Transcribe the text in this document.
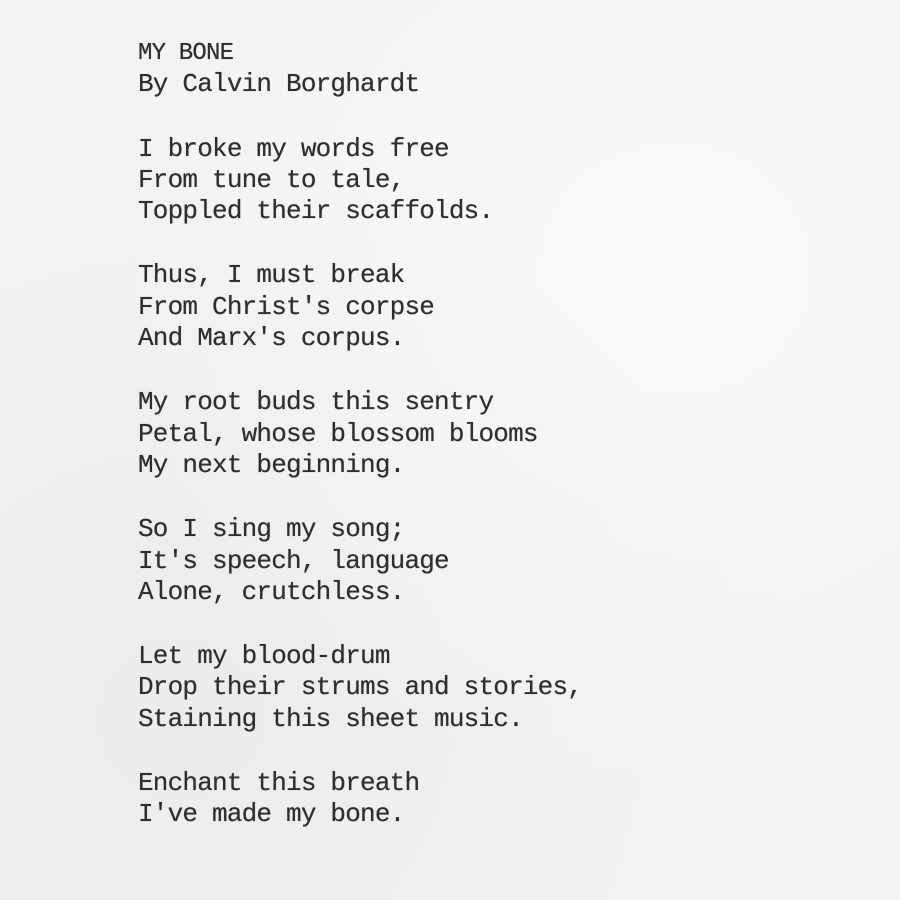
MY BONE
By Calvin Borghardt
I broke my words free
From tune to tale,
Toppled their scaffolds.
Thus, I must break
From Christ's corpse
And Marx's corpus.
My root buds this sentry
Petal, whose blossom blooms
My next beginning.
So I sing my song;
It's speech, language
Alone, crutchless.
Let my blood-drum
Drop their strums and stories,
Staining this sheet music.
Enchant this breath
I've made my bone.
